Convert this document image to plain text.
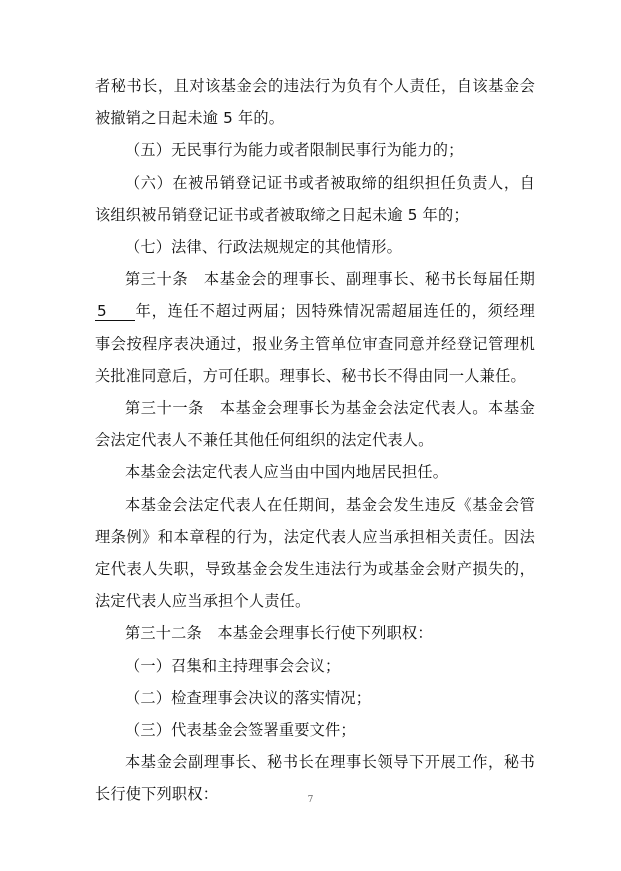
者秘书长，且对该基金会的违法行为负有个人责任，自该基金会被撤销之日起未逾 5 年的。

（五）无民事行为能力或者限制民事行为能力的；

（六）在被吊销登记证书或者被取缔的组织担任负责人，自该组织被吊销登记证书或者被取缔之日起未逾 5 年的；

（七）法律、行政法规规定的其他情形。

第三十条　本基金会的理事长、副理事长、秘书长每届任期5 年，连任不超过两届；因特殊情况需超届连任的，须经理事会按程序表决通过，报业务主管单位审查同意并经登记管理机关批准同意后，方可任职。理事长、秘书长不得由同一人兼任。

第三十一条　本基金会理事长为基金会法定代表人。本基金会法定代表人不兼任其他任何组织的法定代表人。

本基金会法定代表人应当由中国内地居民担任。

本基金会法定代表人在任期间，基金会发生违反《基金会管理条例》和本章程的行为，法定代表人应当承担相关责任。因法定代表人失职，导致基金会发生违法行为或基金会财产损失的，法定代表人应当承担个人责任。

第三十二条　本基金会理事长行使下列职权：

（一）召集和主持理事会会议；

（二）检查理事会决议的落实情况；

（三）代表基金会签署重要文件；

本基金会副理事长、秘书长在理事长领导下开展工作，秘书长行使下列职权：	7
